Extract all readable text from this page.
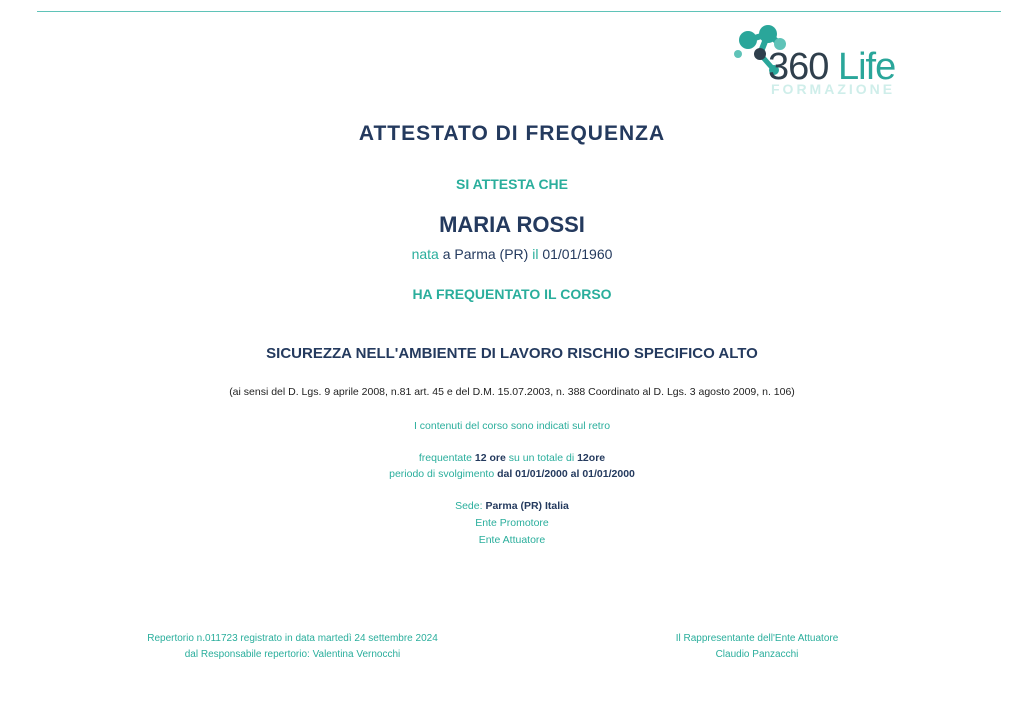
360 Life
FORMAZIONE
ATTESTATO DI FREQUENZA
SI ATTESTA CHE
MARIA ROSSI
nata a Parma (PR) il 01/01/1960
HA FREQUENTATO IL CORSO
SICUREZZA NELL'AMBIENTE DI LAVORO RISCHIO SPECIFICO ALTO
(ai sensi del D. Lgs. 9 aprile 2008, n.81 art. 45 e del D.M. 15.07.2003, n. 388 Coordinato al D. Lgs. 3 agosto 2009, n. 106)
I contenuti del corso sono indicati sul retro
frequentate 12 ore su un totale di 12ore
periodo di svolgimento dal 01/01/2000 al 01/01/2000
Sede: Parma (PR) Italia
Ente Promotore
Ente Attuatore
Repertorio n.011723 registrato in data martedì 24 settembre 2024
dal Responsabile repertorio: Valentina Vernocchi
Il Rappresentante dell'Ente Attuatore
Claudio Panzacchi
